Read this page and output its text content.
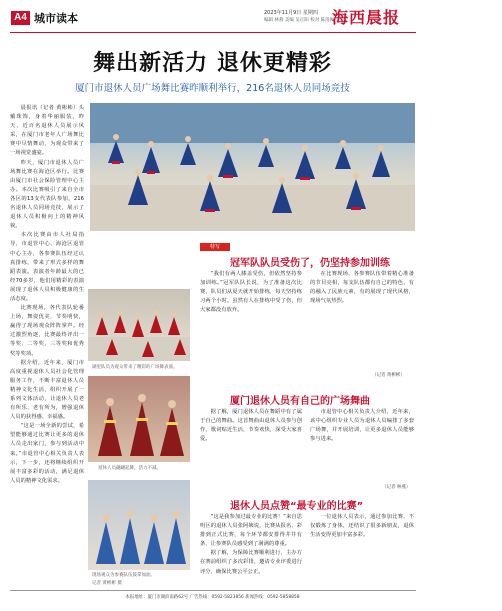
A4 城市读本	2023年11月9日 星期四
编辑 林燕 美编 吴正阳 校对 陈清俊
海西晨报
舞出新活力 退休更精彩
厦门市退休人员广场舞比赛昨顺利举行，216名退休人员同场竞技

晨报讯（记者 黄彬彬）头戴珠饰，身着华丽服装，昨天，近百名退休人员展示风采，在厦门市老年人广场舞比赛中尽情舞动，为观众带来了一场视觉盛宴。

昨天，厦门市退休人员广场舞比赛在海沧区举行。比赛由厦门市社会保险管理中心主办。本次比赛吸引了来自全市各区的13支代表队参加，216名退休人员同场竞技，展示了退休人员积极向上的精神风貌。

本次比赛由市人社局指导，市退管中心、海沧区退管中心主办，各参赛队伍经过认真排练，带来了形式多样的舞蹈表演。表演者年龄最大的已经70多岁，他们用精彩的表演展现了退休人员积极健康的生活态度。

比赛现场，各代表队轮番上场，舞姿优美，节奏明快，赢得了现场观众阵阵掌声。经过激烈角逐，比赛最终评出一等奖、二等奖、三等奖和优秀奖等奖项。

据介绍，近年来，厦门市高度重视退休人员社会化管理服务工作，不断丰富退休人员精神文化生活，组织开展了一系列文体活动，让退休人员老有所乐、老有所为，增强退休人员的获得感、幸福感。

“这是一场全新的尝试，希望能够通过比赛让更多的退休人员走出家门，参与到活动中来。”市退管中心相关负责人表示，下一步，还将继续组织开展丰富多彩的活动，满足退休人员的精神文化需求。

海沧区代表队 一舞倾城
湖里队员为观众带来了精彩的广场舞表演。
退休人员翩翩起舞，活力不减。
现场观众为参赛队伍鼓掌加油。
记者 黄彬彬 摄
特写
冠军队队员受伤了，仍坚持参加训练

“我们有两人膝盖受伤，但依然坚持参加训练。”冠军队队长说，为了准备这次比赛，队员们从夏天就开始排练，每天坚持练习两个小时。虽然有人在排练中受了伤，但大家都没有放弃。

在比赛现场，各参赛队伍带着精心准备的节目亮相，每支队伍都有自己的特色，有的融入了民族元素，有的展现了现代风格，现场气氛热烈。

（记者 黄彬彬）
厦门退休人员有自己的广场舞曲

据了解，厦门退休人员在舞蹈中有了属于自己的舞曲。这首舞曲由退休人员参与创作，歌词贴近生活，节奏欢快，深受大家喜爱。

市退管中心相关负责人介绍，近年来，该中心组织专业人员为退休人员编排了多套广场舞，并开展培训，让更多退休人员能够参与进来。

（记者 林燕）
退休人员点赞“最专业的比赛”

“这是我参加过最专业的比赛！”来自思明区的退休人员张阿姨说，比赛从报名、彩排到正式比赛，每个环节都安排得井井有条，让参赛队员感受到了满满的尊重。

据了解，为保障比赛顺利进行，主办方在赛前组织了多次彩排，邀请专业评委进行评分，确保比赛公平公正。

一位退休人员表示，通过参加比赛，不仅锻炼了身体，还结识了很多新朋友，退休生活变得更加丰富多彩。

本报地址：厦门市湖滨南路62号 广告热线：0592-5823856 新闻热线：0592-5858858
